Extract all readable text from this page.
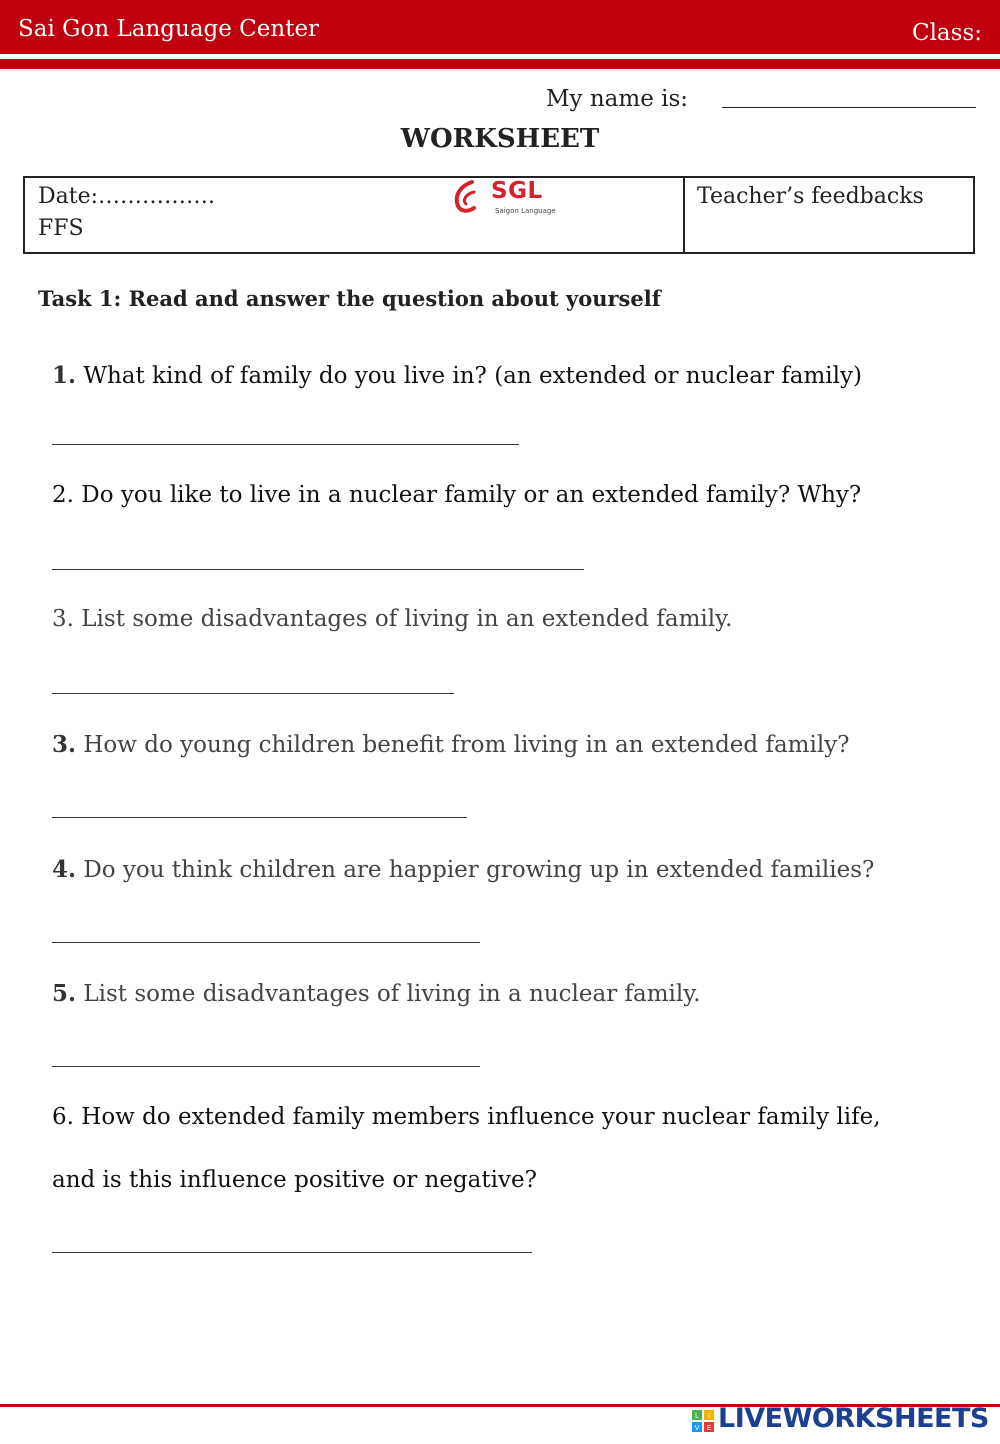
Sai Gon Language Center	Class:
My name is:
WORKSHEET
Date:…………….
FFS
Teacher’s feedbacks
SGL
Saigon Language
Task 1: Read and answer the question about yourself
1. What kind of family do you live in? (an extended or nuclear family)
2. Do you like to live in a nuclear family or an extended family? Why?
3. List some disadvantages of living in an extended family.
3. How do young children benefit from living in an extended family?
4. Do you think children are happier growing up in extended families?
5. List some disadvantages of living in a nuclear family.
6. How do extended family members influence your nuclear family life,
and is this influence positive or negative?
L I
V E LIVEWORKSHEETS
